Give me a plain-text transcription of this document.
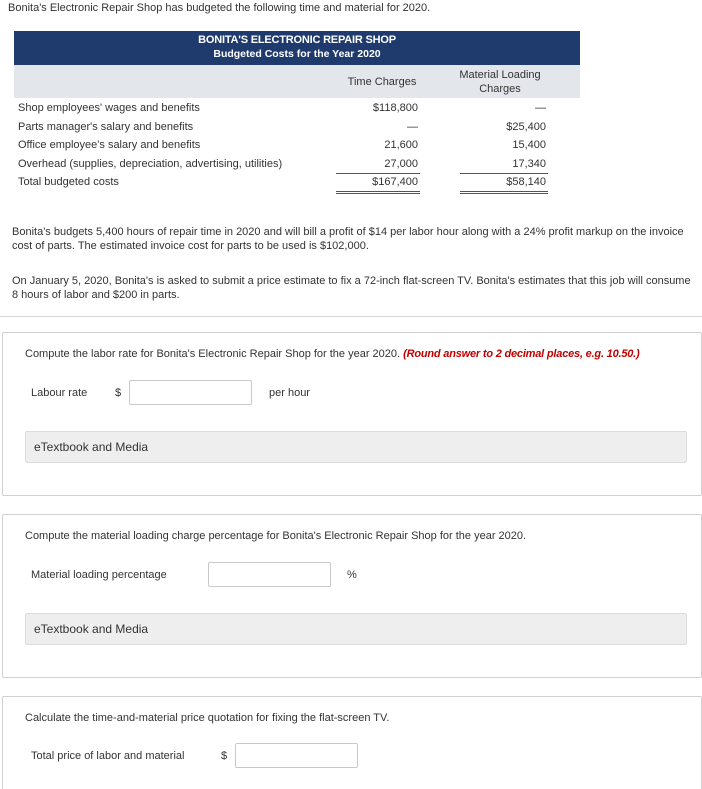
Bonita's Electronic Repair Shop has budgeted the following time and material for 2020.
BONITA'S ELECTRONIC REPAIR SHOP
Budgeted Costs for the Year 2020
Time Charges
Material Loading Charges
Shop employees' wages and benefits	$118,800	—
Parts manager's salary and benefits	—	$25,400
Office employee's salary and benefits	21,600	15,400
Overhead (supplies, depreciation, advertising, utilities)	27,000	17,340
Total budgeted costs	$167,400	$58,140
Bonita's budgets 5,400 hours of repair time in 2020 and will bill a profit of $14 per labor hour along with a 24% profit markup on the invoice cost of parts. The estimated invoice cost for parts to be used is $102,000.
On January 5, 2020, Bonita's is asked to submit a price estimate to fix a 72-inch flat-screen TV. Bonita's estimates that this job will consume 8 hours of labor and $200 in parts.
Compute the labor rate for Bonita's Electronic Repair Shop for the year 2020. (Round answer to 2 decimal places, e.g. 10.50.)
Labour rate	$	per hour
eTextbook and Media
Compute the material loading charge percentage for Bonita's Electronic Repair Shop for the year 2020.
Material loading percentage	%
eTextbook and Media
Calculate the time-and-material price quotation for fixing the flat-screen TV.
Total price of labor and material	$
